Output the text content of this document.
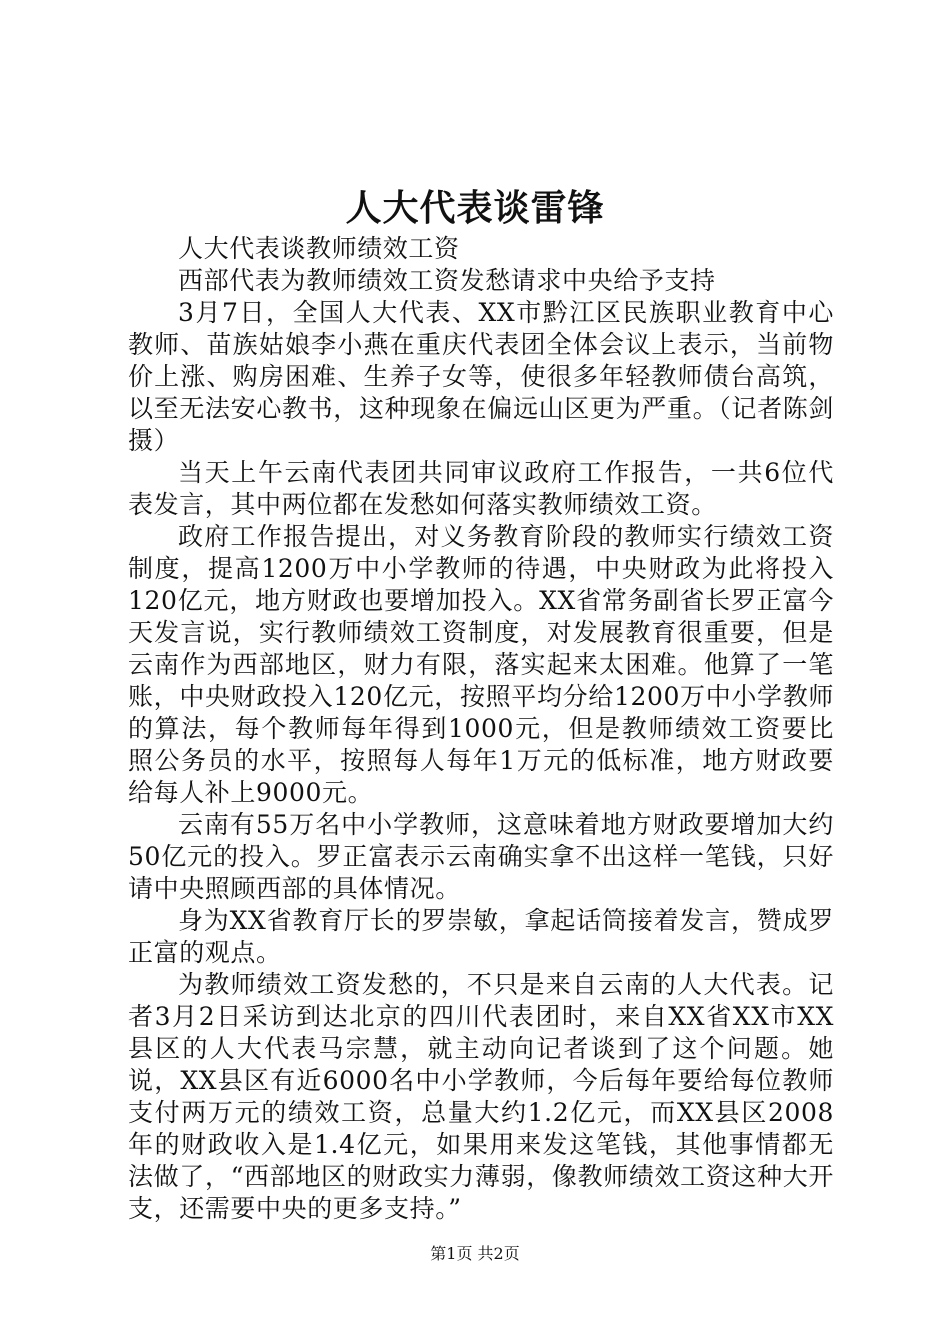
人大代表谈雷锋

人大代表谈教师绩效工资

西部代表为教师绩效工资发愁请求中央给予支持

3月7日，全国人大代表、XX市黔江区民族职业教育中心教师、苗族姑娘李小燕在重庆代表团全体会议上表示，当前物价上涨、购房困难、生养子女等，使很多年轻教师债台高筑，以至无法安心教书，这种现象在偏远山区更为严重。（记者陈剑摄）

当天上午云南代表团共同审议政府工作报告，一共6位代表发言，其中两位都在发愁如何落实教师绩效工资。

政府工作报告提出，对义务教育阶段的教师实行绩效工资制度，提高1200万中小学教师的待遇，中央财政为此将投入120亿元，地方财政也要增加投入。XX省常务副省长罗正富今天发言说，实行教师绩效工资制度，对发展教育很重要，但是云南作为西部地区，财力有限，落实起来太困难。他算了一笔账，中央财政投入120亿元，按照平均分给1200万中小学教师的算法，每个教师每年得到1000元，但是教师绩效工资要比照公务员的水平，按照每人每年1万元的低标准，地方财政要给每人补上9000元。

云南有55万名中小学教师，这意味着地方财政要增加大约50亿元的投入。罗正富表示云南确实拿不出这样一笔钱，只好请中央照顾西部的具体情况。

身为XX省教育厅长的罗崇敏，拿起话筒接着发言，赞成罗正富的观点。

为教师绩效工资发愁的，不只是来自云南的人大代表。记者3月2日采访到达北京的四川代表团时，来自XX省XX市XX县区的人大代表马宗慧，就主动向记者谈到了这个问题。她说，XX县区有近6000名中小学教师，今后每年要给每位教师支付两万元的绩效工资，总量大约1.2亿元，而XX县区2008年的财政收入是1.4亿元，如果用来发这笔钱，其他事情都无法做了，“西部地区的财政实力薄弱，像教师绩效工资这种大开支，还需要中央的更多支持。”

第1页 共2页
